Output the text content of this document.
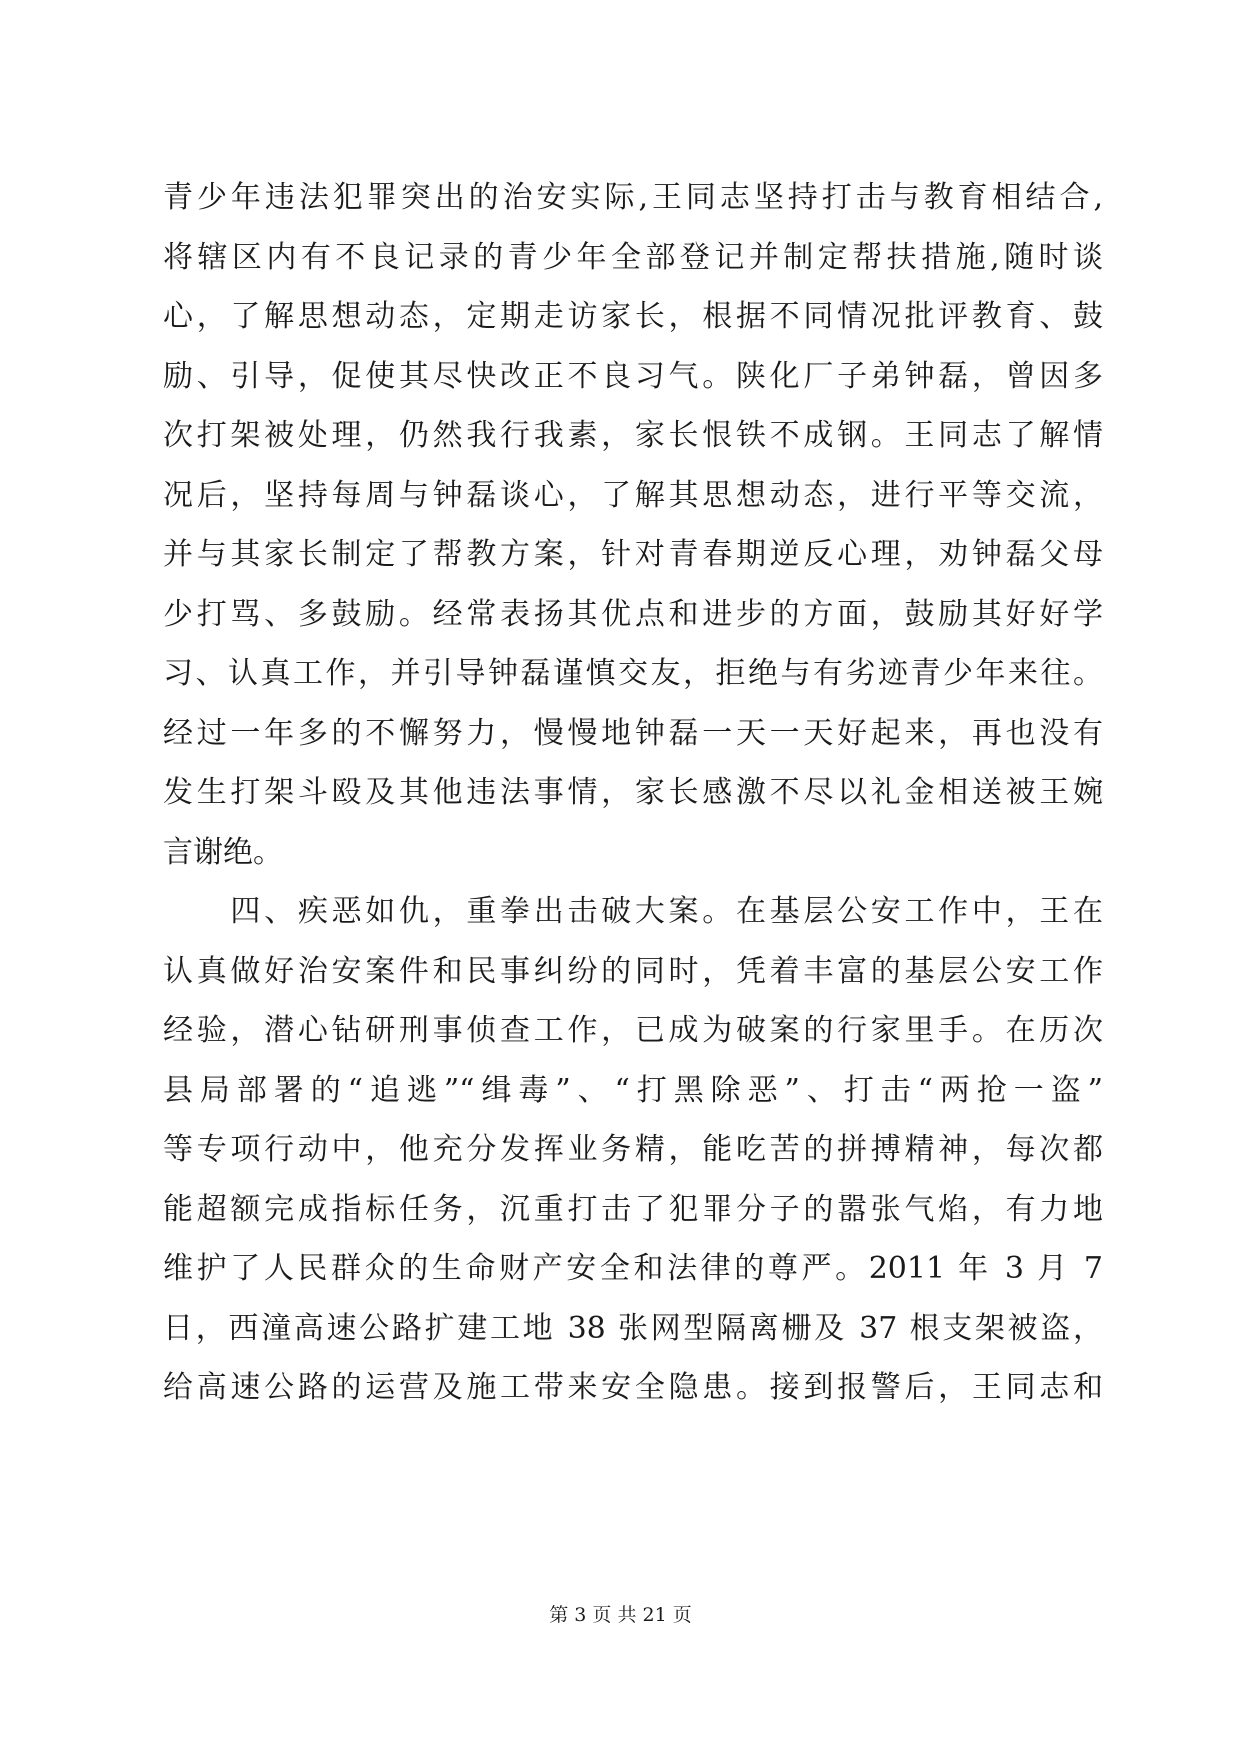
青少年违法犯罪突出的治安实际,王同志坚持打击与教育相结合,
将辖区内有不良记录的青少年全部登记并制定帮扶措施,随时谈
心，了解思想动态，定期走访家长，根据不同情况批评教育、鼓
励、引导，促使其尽快改正不良习气。陕化厂子弟钟磊，曾因多
次打架被处理，仍然我行我素，家长恨铁不成钢。王同志了解情
况后，坚持每周与钟磊谈心，了解其思想动态，进行平等交流，
并与其家长制定了帮教方案，针对青春期逆反心理，劝钟磊父母
少打骂、多鼓励。经常表扬其优点和进步的方面，鼓励其好好学
习、认真工作，并引导钟磊谨慎交友，拒绝与有劣迹青少年来往。
经过一年多的不懈努力，慢慢地钟磊一天一天好起来，再也没有
发生打架斗殴及其他违法事情，家长感激不尽以礼金相送被王婉
言谢绝。
　　四、疾恶如仇，重拳出击破大案。在基层公安工作中，王在
认真做好治安案件和民事纠纷的同时，凭着丰富的基层公安工作
经验，潜心钻研刑事侦查工作，已成为破案的行家里手。在历次
县局部署的“追逃”“缉毒”、“打黑除恶”、打击“两抢一盗”
等专项行动中，他充分发挥业务精，能吃苦的拼搏精神，每次都
能超额完成指标任务，沉重打击了犯罪分子的嚣张气焰，有力地
维护了人民群众的生命财产安全和法律的尊严。2011 年 3 月 7
日，西潼高速公路扩建工地 38 张网型隔离栅及 37 根支架被盗，
给高速公路的运营及施工带来安全隐患。接到报警后，王同志和
第 3 页 共 21 页
